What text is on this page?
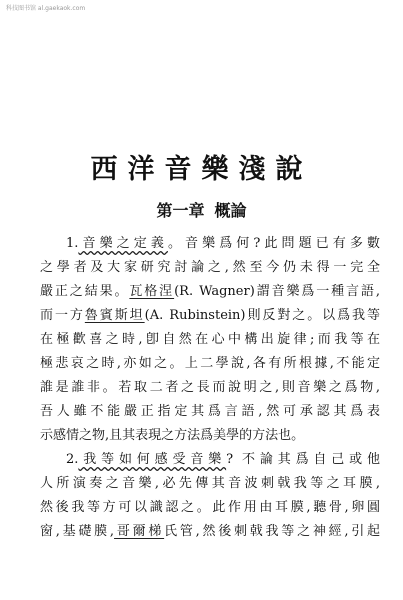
科技图书馆 al.gaekaok.com
西洋音樂淺說
第一章 概論
1.音樂之定義。音樂爲何?此問題已有多數
之學者及大家研究討論之,然至今仍未得一完全
嚴正之結果。瓦格涅(R. Wagner)謂音樂爲一種言語,
而一方魯賓斯坦(A. Rubinstein)則反對之。以爲我等
在極歡喜之時,卽自然在心中構出旋律;而我等在
極悲哀之時,亦如之。上二學說,各有所根據,不能定
誰是誰非。若取二者之長而說明之,則音樂之爲物,
吾人雖不能嚴正指定其爲言語,然可承認其爲表
示感情之物,且其表現之方法爲美學的方法也。
2.我等如何感受音樂? 不論其爲自己或他
人所演奏之音樂,必先傳其音波刺戟我等之耳膜,
然後我等方可以識認之。此作用由耳膜,聽骨,卵圓
窗,基礎膜,哥爾梯氏管,然後刺戟我等之神經,引起
